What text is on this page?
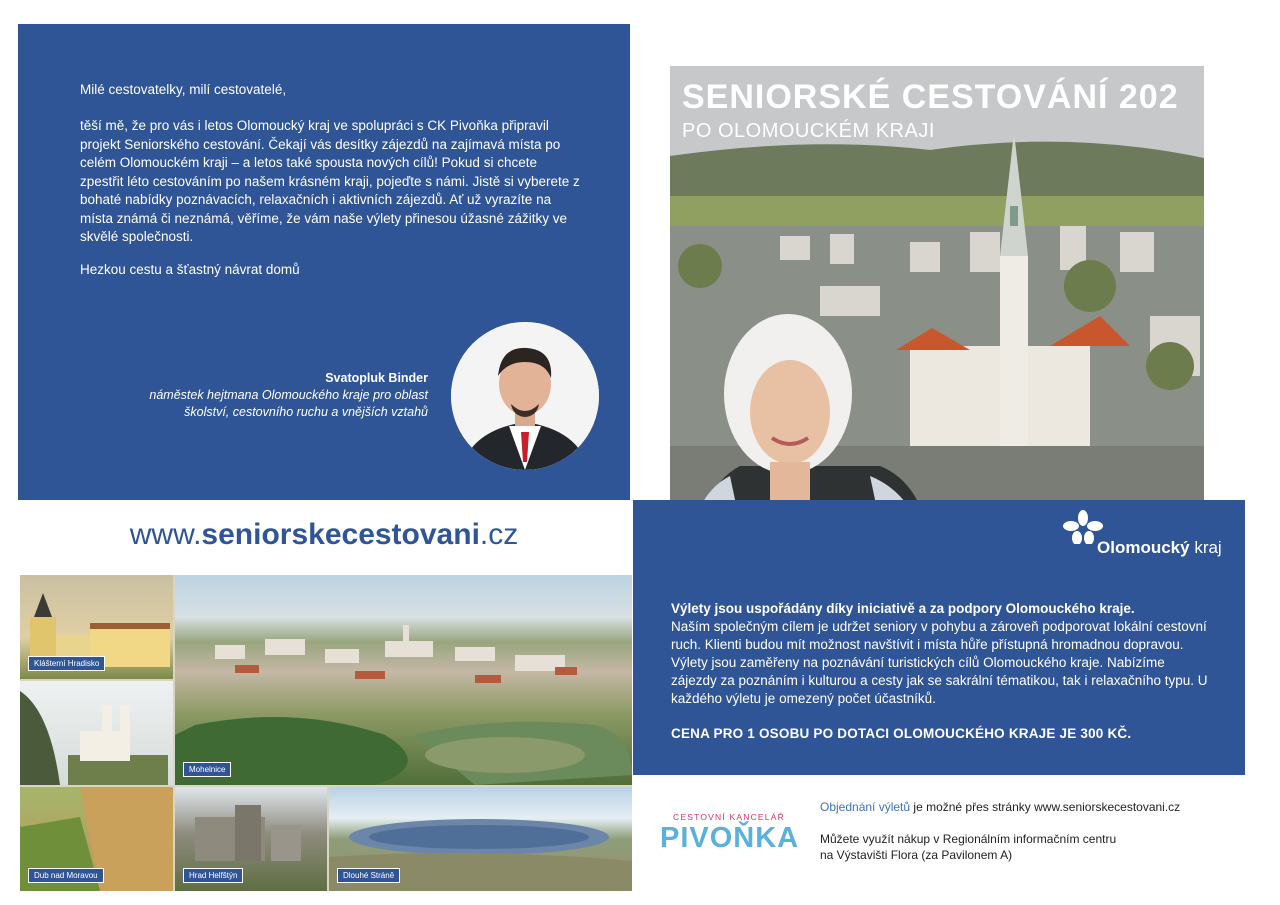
Milé cestovatelky, milí cestovatelé,

těší mě, že pro vás i letos Olomoucký kraj ve spolupráci s CK Pivoňka připravil projekt Seniorského cestování. Čekají vás desítky zájezdů na zajímavá místa po celém Olomouckém kraji – a letos také spousta nových cílů! Pokud si chcete zpestřit léto cestováním po našem krásném kraji, pojeďte s námi. Jistě si vyberete z bohaté nabídky poznávacích, relaxačních i aktivních zájezdů. Ať už vyrazíte na místa známá či neznámá, věříme, že vám naše výlety přinesou úžasné zážitky ve skvělé společnosti.

Hezkou cestu a šťastný návrat domů

Svatopluk Binder
náměstek hejtmana Olomouckého kraje pro oblast
školství, cestovního ruchu a vnějších vztahů
www.seniorskecestovani.cz
Klášterní Hradisko
Dub nad Moravou
Mohelnice
Hrad Helfštýn	Dlouhé Stráně
SENIORSKÉ CESTOVÁNÍ 202
PO OLOMOUCKÉM KRAJI
Olomoucký kraj

Výlety jsou uspořádány díky iniciativě a za podpory Olomouckého kraje.

Naším společným cílem je udržet seniory v pohybu a zároveň podporovat lokální cestovní ruch. Klienti budou mít možnost navštívit i místa hůře přístupná hromadnou dopravou. Výlety jsou zaměřeny na poznávání turistických cílů Olomouckého kraje. Nabízíme zájezdy za poznáním i kulturou a cesty jak se sakrální tématikou, tak i relaxačního typu. U každého výletu je omezený počet účastníků.

CENA PRO 1 OSOBU PO DOTACI OLOMOUCKÉHO KRAJE JE 300 KČ.

CESTOVNÍ KANCELÁŘ
PIVOŇKA

Objednání výletů je možné přes stránky www.seniorskecestovani.cz

Můžete využít nákup v Regionálním informačním centru
na Výstavišti Flora (za Pavilonem A)
